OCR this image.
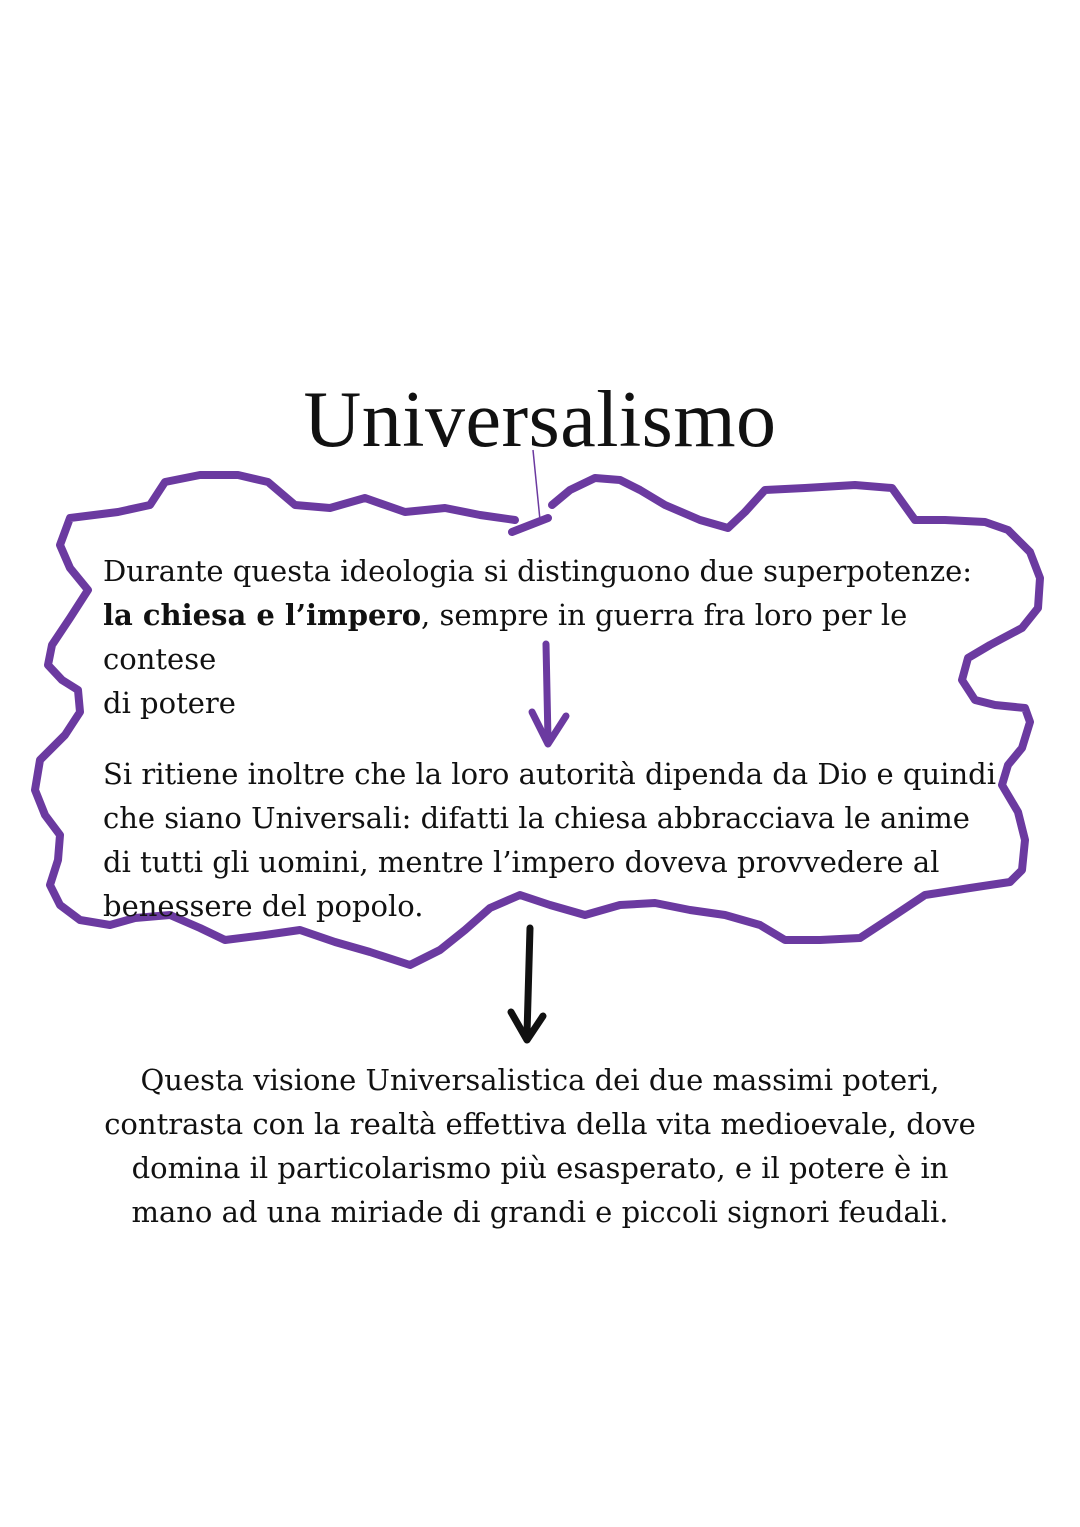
Universalismo

Durante questa ideologia si distinguono due superpotenze:
la chiesa e l’impero, sempre in guerra fra loro per le contese
di potere

Si ritiene inoltre che la loro autorità dipenda da Dio e quindi
che siano Universali: difatti la chiesa abbracciava le anime
di tutti gli uomini, mentre l’impero doveva provvedere al
benessere del popolo.

Questa visione Universalistica dei due massimi poteri,
contrasta con la realtà effettiva della vita medioevale, dove
domina il particolarismo più esasperato, e il potere è in
mano ad una miriade di grandi e piccoli signori feudali.
